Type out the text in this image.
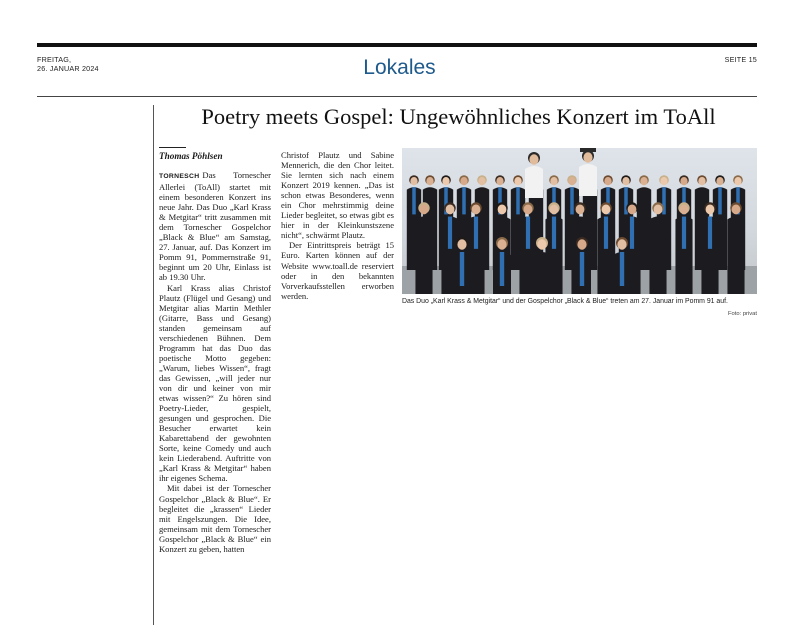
FREITAG,
26. JANUAR 2024	Lokales	SEITE 15
Poetry meets Gospel: Ungewöhnliches Konzert im ToAll
Thomas Pöhlsen

TORNESCH Das Tornescher Allerlei (ToAll) startet mit einem besonderen Konzert ins neue Jahr. Das Duo „Karl Krass & Metgitar“ tritt zusammen mit dem Tornescher Gospelchor „Black & Blue“ am Samstag, 27. Januar, auf. Das Konzert im Pomm 91, Pommernstraße 91, beginnt um 20 Uhr, Einlass ist ab 19.30 Uhr.

Karl Krass alias Christof Plautz (Flügel und Gesang) und Metgitar alias Martin Methler (Gitarre, Bass und Gesang) standen gemeinsam auf verschiedenen Bühnen. Dem Programm hat das Duo das poetische Motto gegeben: „Warum, liebes Wissen“, fragt das Gewissen, „will jeder nur von dir und keiner von mir etwas wissen?“ Zu hören sind Poetry-Lieder, gespielt, gesungen und gesprochen. Die Besucher erwartet kein Kabarettabend der gewohnten Sorte, keine Comedy und auch kein Liederabend. Auftritte von „Karl Krass & Metgitar“ haben ihr eigenes Schema.

Mit dabei ist der Tornescher Gospelchor „Black & Blue“. Er begleitet die „krassen“ Lieder mit Engelszungen. Die Idee, gemeinsam mit dem Tornescher Gospelchor „Black & Blue“ ein Konzert zu geben, hatten

Christof Plautz und Sabine Mennerich, die den Chor leitet. Sie lernten sich nach einem Konzert 2019 kennen. „Das ist schon etwas Besonderes, wenn ein Chor mehrstimmig deine Lieder begleitet, so etwas gibt es hier in der Kleinkunstszene nicht“, schwärmt Plautz.

Der Eintrittspreis beträgt 15 Euro. Karten können auf der Website www.toall.de reserviert oder in den bekannten Vorverkaufsstellen erworben werden.

Das Duo „Karl Krass & Metgitar“ und der Gospelchor „Black & Blue“ treten am 27. Januar im Pomm 91 auf.
Foto: privat
